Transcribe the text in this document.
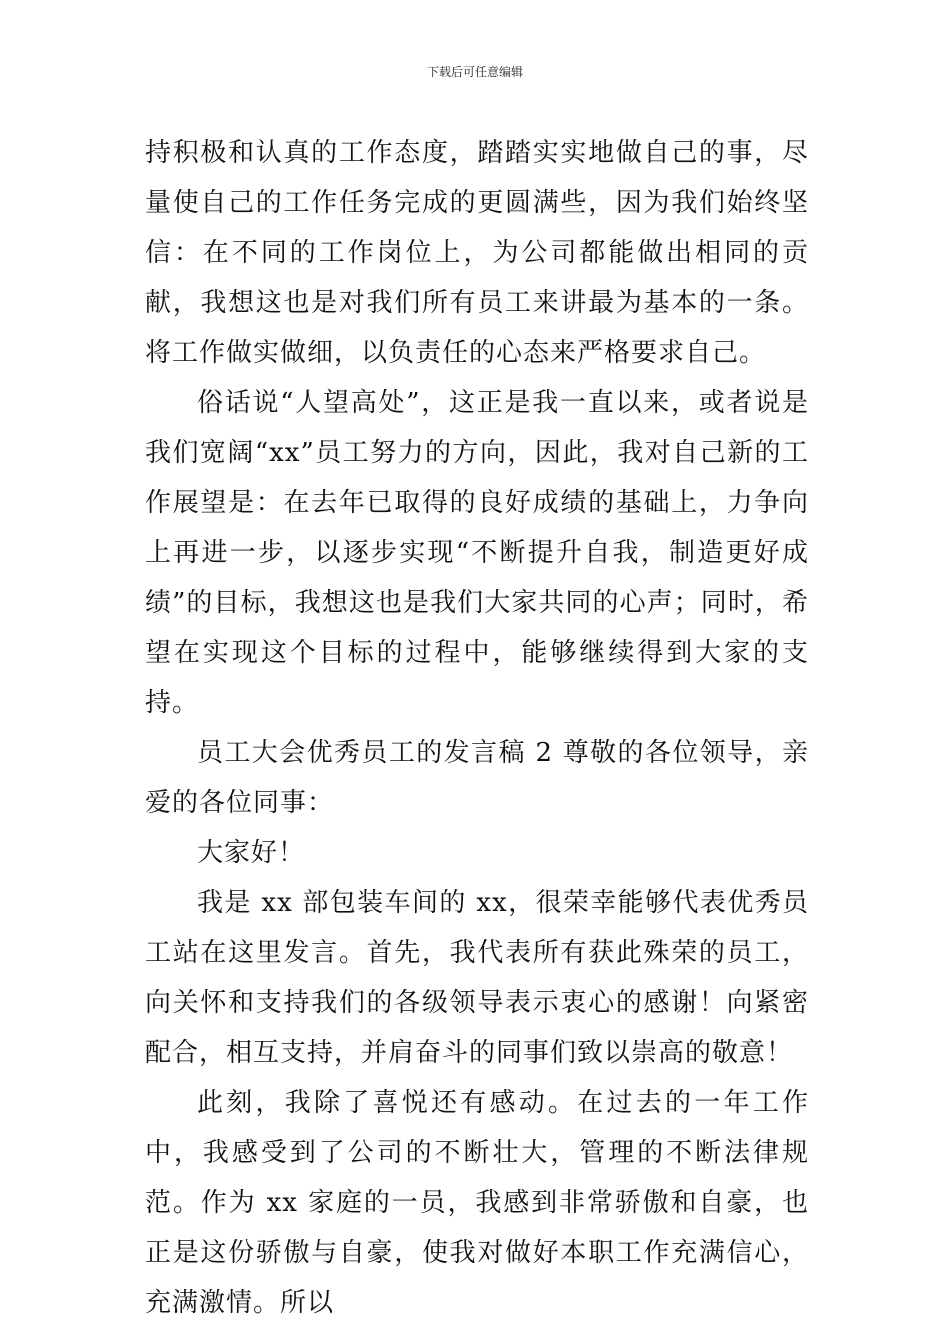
下载后可任意编辑

持积极和认真的工作态度，踏踏实实地做自己的事，尽量使自己的工作任务完成的更圆满些，因为我们始终坚信：在不同的工作岗位上，为公司都能做出相同的贡献，我想这也是对我们所有员工来讲最为基本的一条。将工作做实做细，以负责任的心态来严格要求自己。

俗话说“人望高处”，这正是我一直以来，或者说是我们宽阔“xx”员工努力的方向，因此，我对自己新的工作展望是：在去年已取得的良好成绩的基础上，力争向上再进一步，以逐步实现“不断提升自我，制造更好成绩”的目标，我想这也是我们大家共同的心声；同时，希望在实现这个目标的过程中，能够继续得到大家的支持。

员工大会优秀员工的发言稿 2 尊敬的各位领导，亲爱的各位同事：

大家好！

我是 xx 部包装车间的 xx，很荣幸能够代表优秀员工站在这里发言。首先，我代表所有获此殊荣的员工，向关怀和支持我们的各级领导表示衷心的感谢！向紧密配合，相互支持，并肩奋斗的同事们致以崇高的敬意！

此刻，我除了喜悦还有感动。在过去的一年工作中，我感受到了公司的不断壮大，管理的不断法律规范。作为 xx 家庭的一员，我感到非常骄傲和自豪，也正是这份骄傲与自豪，使我对做好本职工作充满信心，充满激情。所以
